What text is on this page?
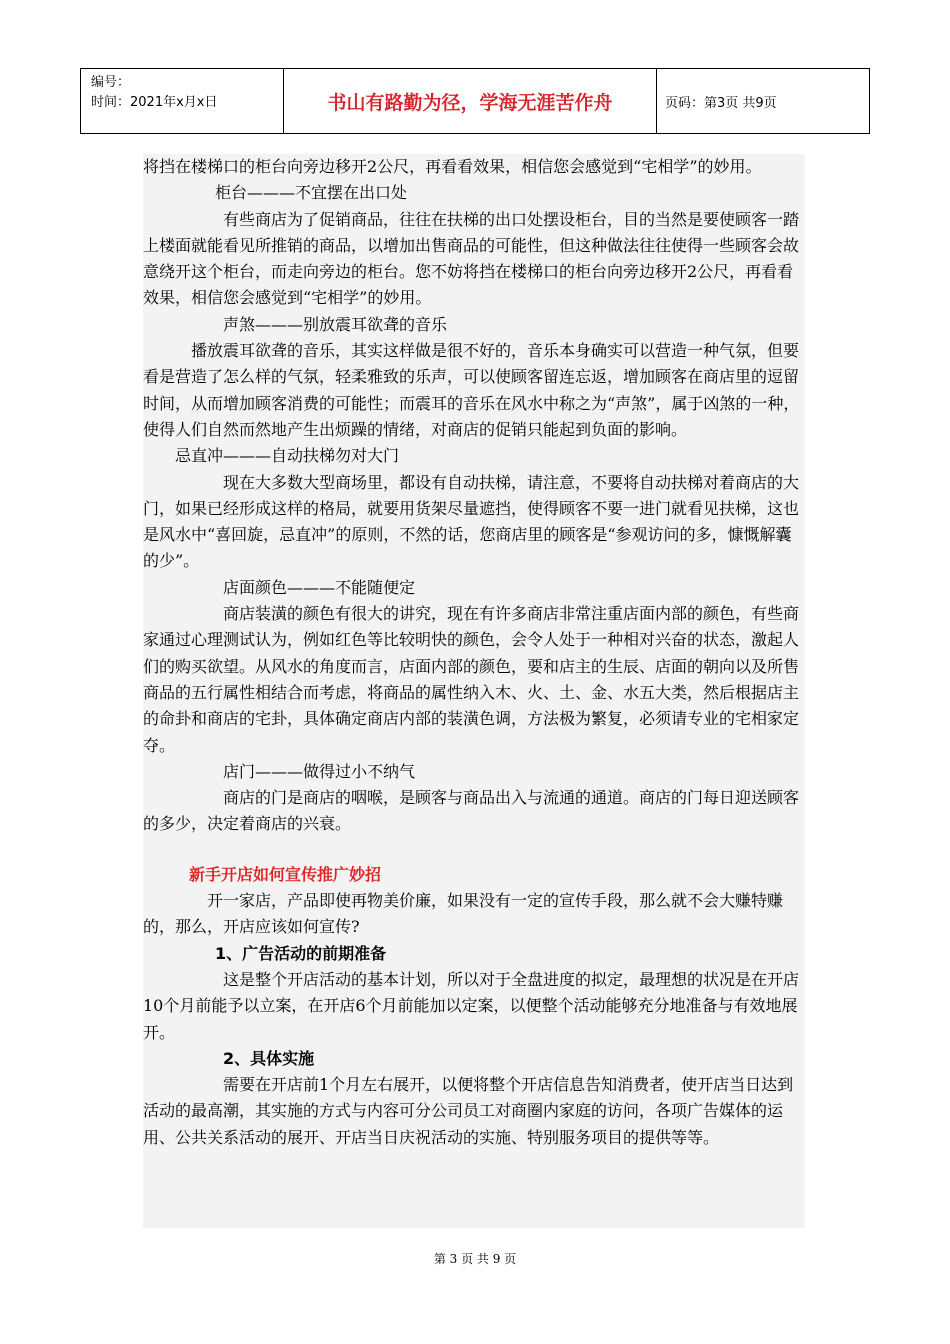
编号：
时间：2021年x月x日	书山有路勤为径，学海无涯苦作舟	页码：第3页 共9页

将挡在楼梯口的柜台向旁边移开2公尺，再看看效果，相信您会感觉到“宅相学”的妙用。

柜台———不宜摆在出口处

有些商店为了促销商品，往往在扶梯的出口处摆设柜台，目的当然是要使顾客一踏上楼面就能看见所推销的商品，以增加出售商品的可能性，但这种做法往往使得一些顾客会故意绕开这个柜台，而走向旁边的柜台。您不妨将挡在楼梯口的柜台向旁边移开2公尺，再看看效果，相信您会感觉到“宅相学”的妙用。

声煞———别放震耳欲聋的音乐

播放震耳欲聋的音乐，其实这样做是很不好的，音乐本身确实可以营造一种气氛，但要看是营造了怎么样的气氛，轻柔雅致的乐声，可以使顾客留连忘返，增加顾客在商店里的逗留时间，从而增加顾客消费的可能性；而震耳的音乐在风水中称之为“声煞”，属于凶煞的一种，使得人们自然而然地产生出烦躁的情绪，对商店的促销只能起到负面的影响。

忌直冲———自动扶梯勿对大门

现在大多数大型商场里，都设有自动扶梯，请注意，不要将自动扶梯对着商店的大门，如果已经形成这样的格局，就要用货架尽量遮挡，使得顾客不要一进门就看见扶梯，这也是风水中“喜回旋，忌直冲”的原则，不然的话，您商店里的顾客是“参观访问的多，慷慨解囊的少”。

店面颜色———不能随便定

商店装潢的颜色有很大的讲究，现在有许多商店非常注重店面内部的颜色，有些商家通过心理测试认为，例如红色等比较明快的颜色，会令人处于一种相对兴奋的状态，激起人们的购买欲望。从风水的角度而言，店面内部的颜色，要和店主的生辰、店面的朝向以及所售商品的五行属性相结合而考虑，将商品的属性纳入木、火、土、金、水五大类，然后根据店主的命卦和商店的宅卦，具体确定商店内部的装潢色调，方法极为繁复，必须请专业的宅相家定夺。

店门———做得过小不纳气

商店的门是商店的咽喉，是顾客与商品出入与流通的通道。商店的门每日迎送顾客的多少，决定着商店的兴衰。

新手开店如何宣传推广妙招

开一家店，产品即使再物美价廉，如果没有一定的宣传手段，那么就不会大赚特赚的，那么，开店应该如何宣传?

1、广告活动的前期准备

这是整个开店活动的基本计划，所以对于全盘进度的拟定，最理想的状况是在开店10个月前能予以立案，在开店6个月前能加以定案，以便整个活动能够充分地准备与有效地展开。

2、具体实施

需要在开店前1个月左右展开，以便将整个开店信息告知消费者，使开店当日达到活动的最高潮，其实施的方式与内容可分公司员工对商圈内家庭的访问，各项广告媒体的运用、公共关系活动的展开、开店当日庆祝活动的实施、特别服务项目的提供等等。

第 3 页 共 9 页
